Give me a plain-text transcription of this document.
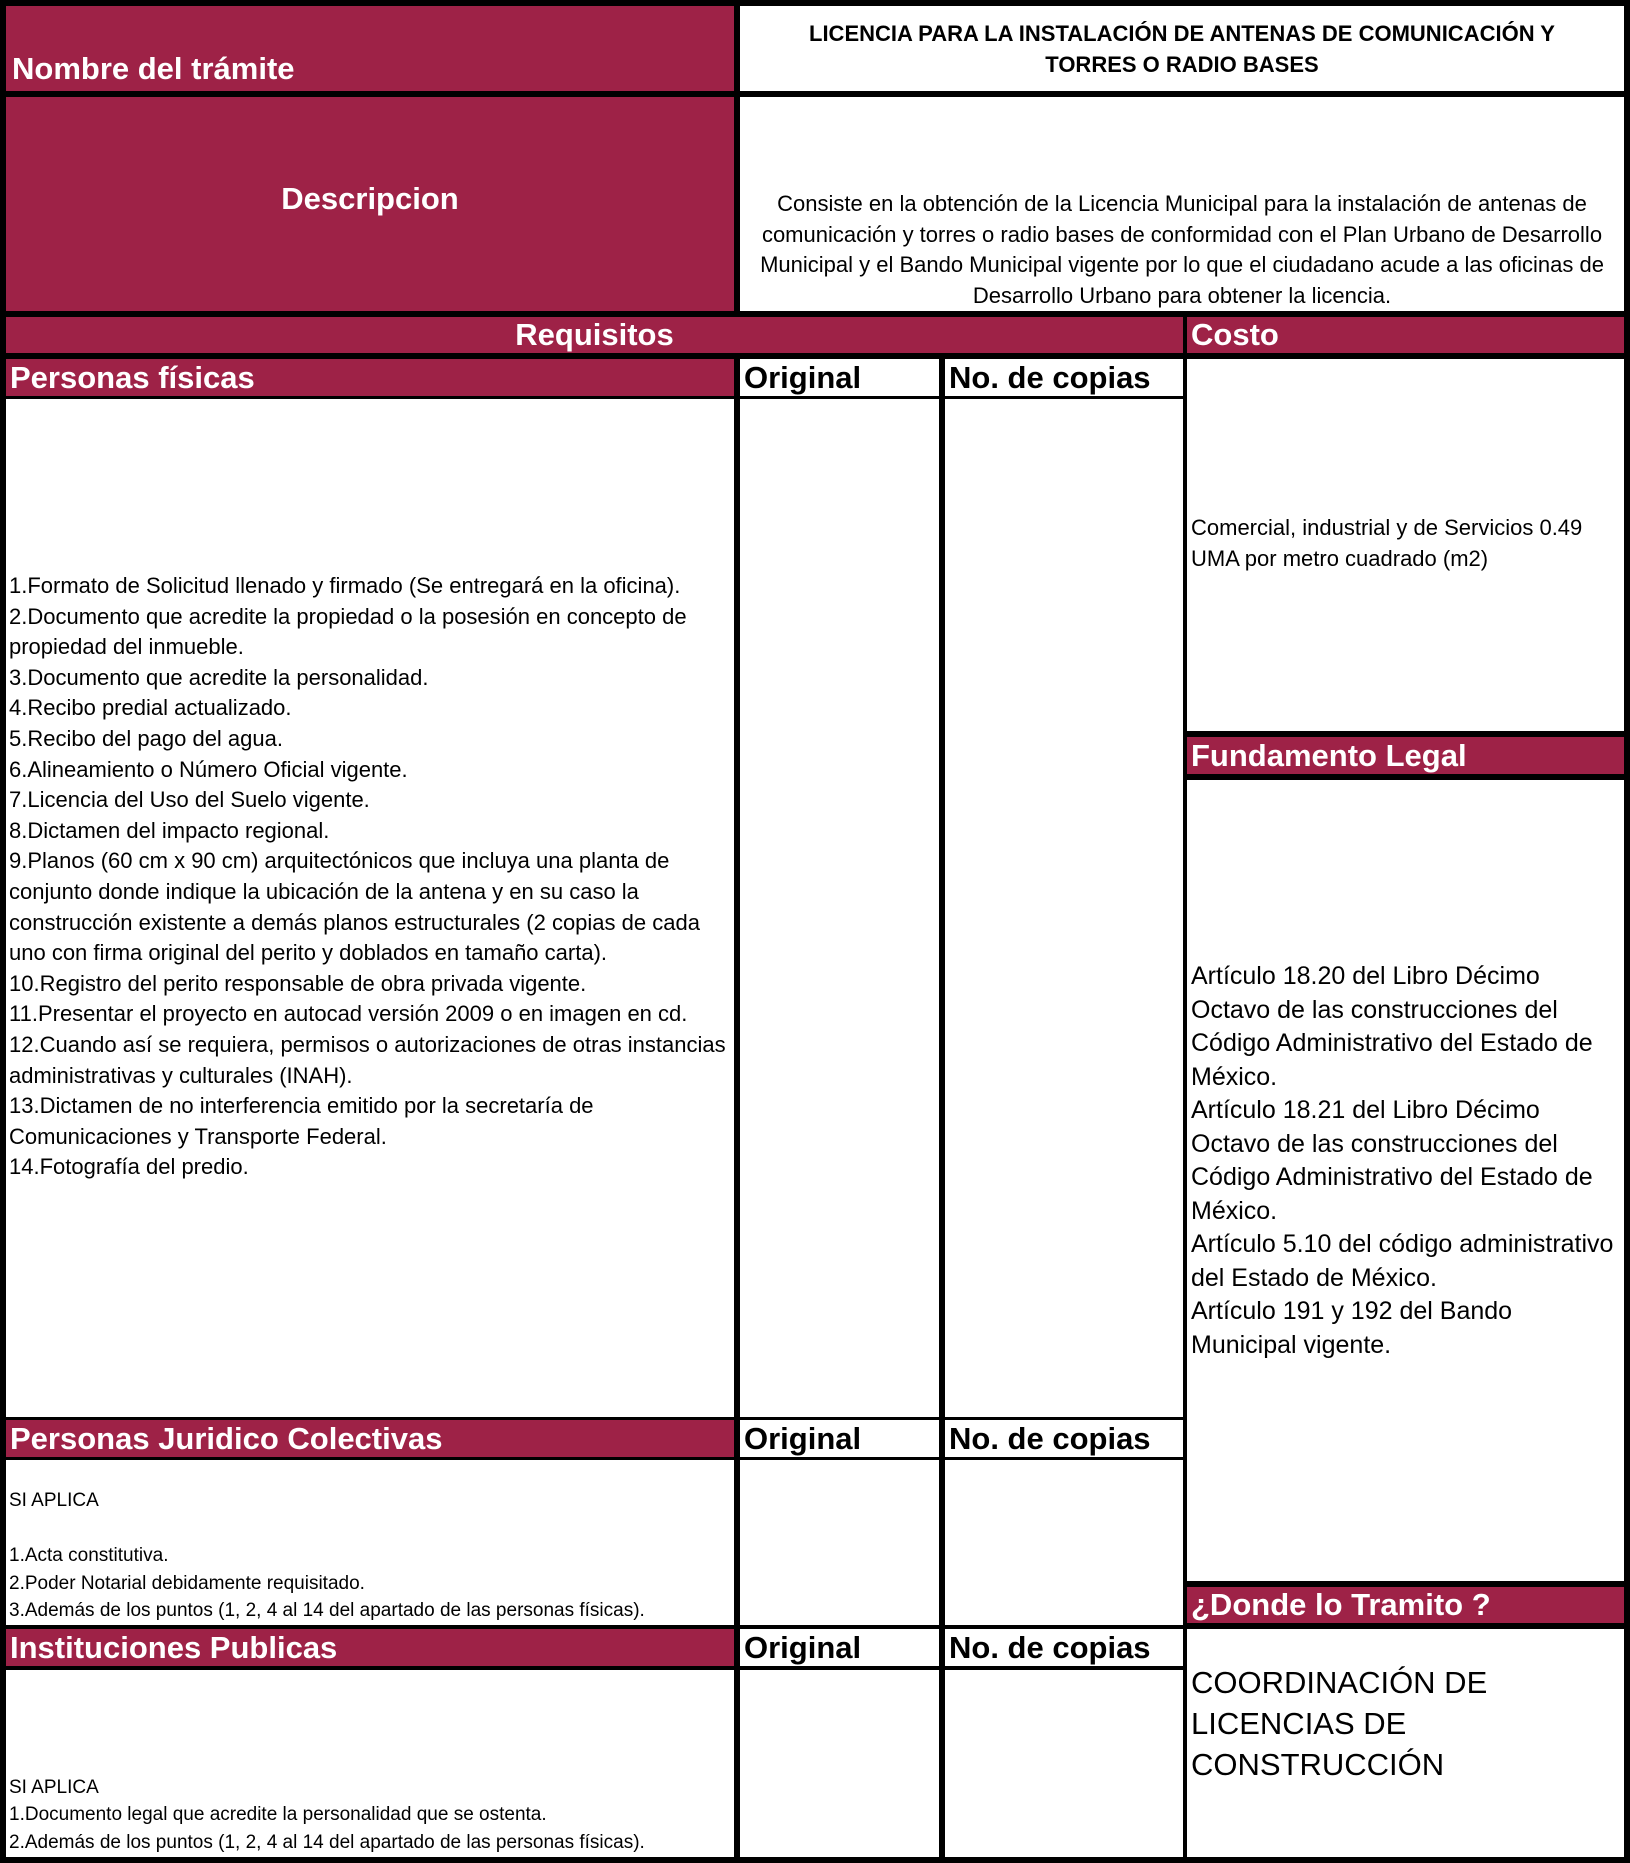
Nombre del trámite
LICENCIA PARA LA INSTALACIÓN DE ANTENAS DE COMUNICACIÓN Y TORRES O RADIO BASES
Descripcion	Consiste en la obtención de la Licencia Municipal para la instalación de antenas de comunicación y torres o radio bases de conformidad con el Plan Urbano de Desarrollo Municipal y el Bando Municipal vigente por lo que el ciudadano acude a las oficinas de Desarrollo Urbano para obtener la licencia.
Requisitos
Personas físicas	Original	No. de copias
1.Formato de Solicitud llenado y firmado (Se entregará en la oficina).
2.Documento que acredite la propiedad o la posesión en concepto de propiedad del inmueble.
3.Documento que acredite la personalidad.
4.Recibo predial actualizado.
5.Recibo del pago del agua.
6.Alineamiento o Número Oficial vigente.
7.Licencia del Uso del Suelo vigente.
8.Dictamen del impacto regional.
9.Planos (60 cm x 90 cm) arquitectónicos que incluya una planta de conjunto donde indique la ubicación de la antena y en su caso la construcción existente a demás planos estructurales (2 copias de cada uno con firma original del perito y doblados en tamaño carta).
10.Registro del perito responsable de obra privada vigente.
11.Presentar el proyecto en autocad versión 2009 o en imagen en cd.
12.Cuando así se requiera, permisos o autorizaciones de otras instancias administrativas y culturales (INAH).
13.Dictamen de no interferencia emitido por la secretaría de Comunicaciones y Transporte Federal.
14.Fotografía del predio.
Personas Juridico Colectivas	Original	No. de copias
SI APLICA

1.Acta constitutiva.
2.Poder Notarial debidamente requisitado.
3.Además de los puntos (1, 2, 4 al 14 del apartado de las personas físicas).
Instituciones Publicas	Original	No. de copias
SI APLICA
1.Documento legal que acredite la personalidad que se ostenta.
2.Además de los puntos (1, 2, 4 al 14 del apartado de las personas físicas).
Costo
Comercial, industrial y de Servicios 0.49 UMA por metro cuadrado (m2)
Fundamento Legal
Artículo 18.20 del Libro Décimo Octavo de las construcciones del Código Administrativo del Estado de México.
Artículo 18.21 del Libro Décimo Octavo de las construcciones del Código Administrativo del Estado de México.
Artículo 5.10 del código administrativo del Estado de México.
Artículo 191 y 192 del Bando Municipal vigente.
¿Donde lo Tramito ?
COORDINACIÓN DE LICENCIAS DE CONSTRUCCIÓN
